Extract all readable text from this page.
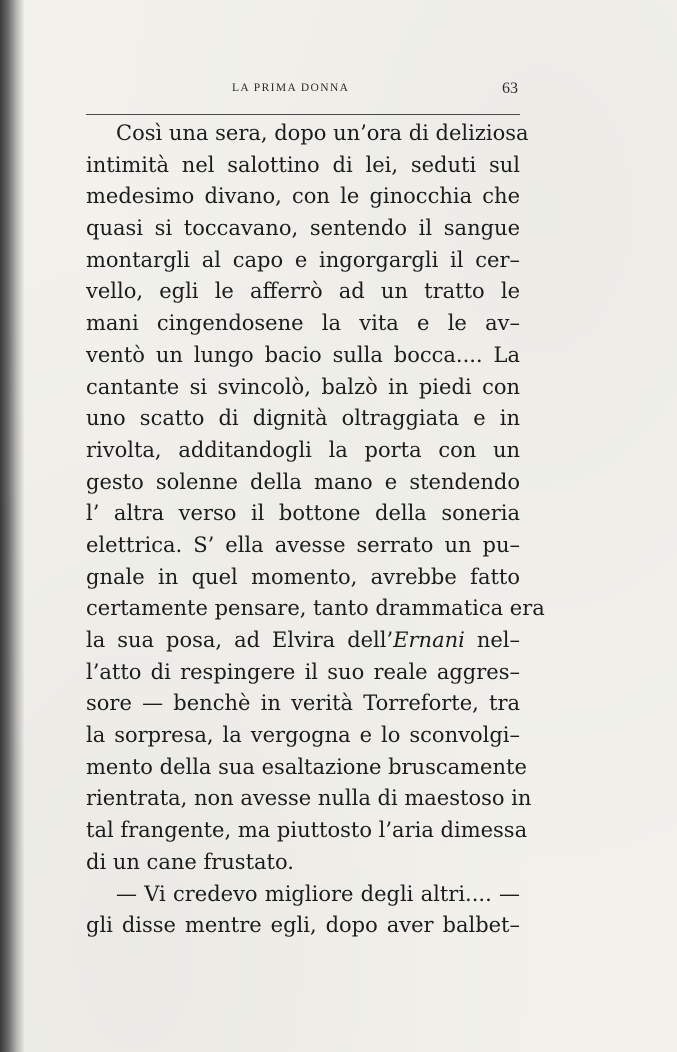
LA PRIMA DONNA	63
Così una sera, dopo un’ora di deliziosa
intimità nel salottino di lei, seduti sul
medesimo divano, con le ginocchia che
quasi si toccavano, sentendo il sangue
montargli al capo e ingorgargli il cer–
vello, egli le afferrò ad un tratto le
mani cingendosene la vita e le av–
ventò un lungo bacio sulla bocca.... La
cantante si svincolò, balzò in piedi con
uno scatto di dignità oltraggiata e in
rivolta, additandogli la porta con un
gesto solenne della mano e stendendo
l’ altra verso il bottone della soneria
elettrica. S’ ella avesse serrato un pu–
gnale in quel momento, avrebbe fatto
certamente pensare, tanto drammatica era
la sua posa, ad Elvira dell’Ernani nel–
l’atto di respingere il suo reale aggres–
sore — benchè in verità Torreforte, tra
la sorpresa, la vergogna e lo sconvolgi–
mento della sua esaltazione bruscamente
rientrata, non avesse nulla di maestoso in
tal frangente, ma piuttosto l’aria dimessa
di un cane frustato.
— Vi credevo migliore degli altri.... —
gli disse mentre egli, dopo aver balbet–
